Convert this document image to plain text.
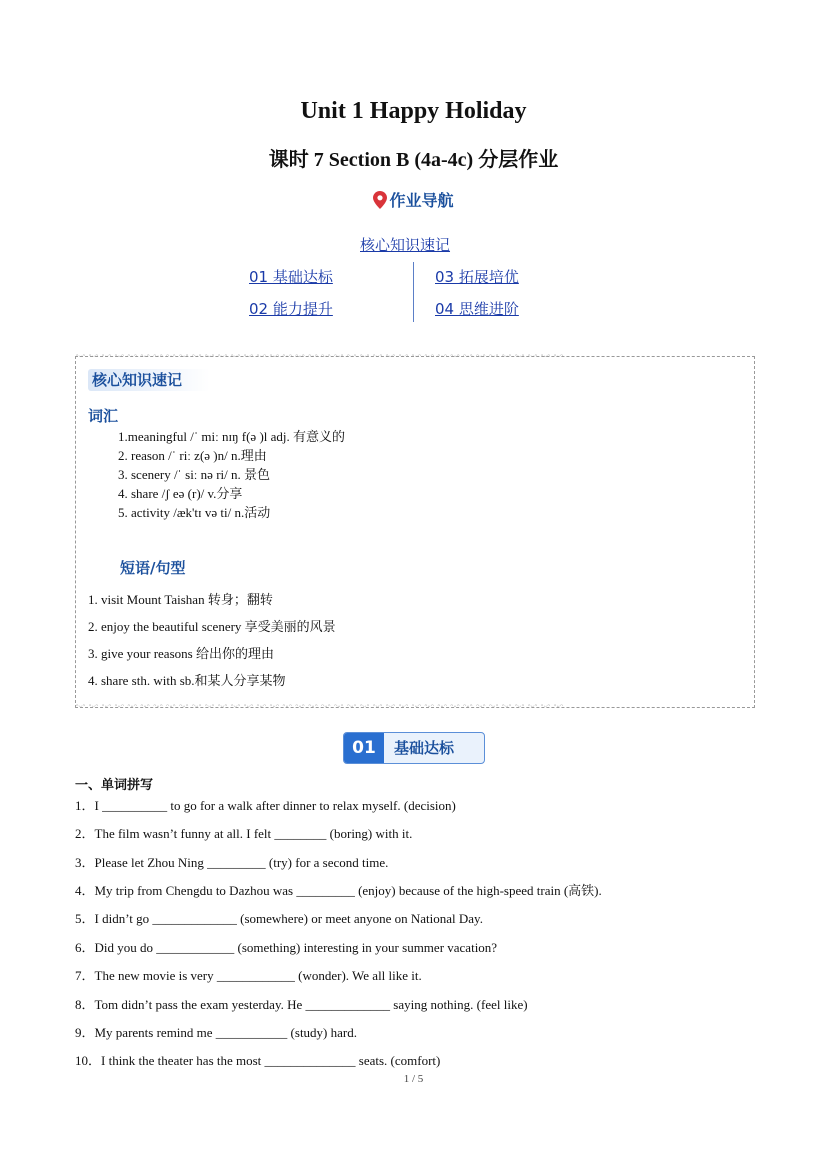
Unit 1 Happy Holiday
课时 7 Section B (4a-4c) 分层作业
作业导航
核心知识速记
01 基础达标
02 能力提升
03 拓展培优
04 思维进阶
ᵔᵕᵔ ᵔᵕᵔ ᵔᵕᵔ ᵔᵕᵔ ᵔᵕᵔ ᵔᵕᵔ ᵔᵕᵔ ᵔᵕᵔ ᵔᵕᵔ ᵔᵕᵔ ᵔᵕᵔ ᵔᵕᵔ ᵔᵕᵔ ᵔᵕᵔ ᵔᵕᵔ ᵔᵕᵔ ᵔᵕᵔ ᵔᵕᵔ ᵔᵕᵔ ᵔᵕᵔ ᵔᵕᵔ ᵔᵕᵔ ᵔᵕᵔ ᵔᵕᵔ ᵔᵕᵔ ᵔᵕᵔ ᵔᵕᵔ ᵔᵕᵔ ᵔᵕᵔ ᵔᵕᵔ ᵔᵕᵔ ᵔᵕᵔ ᵔᵕᵔ ᵔᵕᵔ ᵔᵕᵔ ᵔᵕᵔ ᵔᵕᵔ ᵔᵕᵔ
ᵔᵕᵔ ᵔᵕᵔ ᵔᵕᵔ ᵔᵕᵔ ᵔᵕᵔ ᵔᵕᵔ ᵔᵕᵔ ᵔᵕᵔ ᵔᵕᵔ ᵔᵕᵔ ᵔᵕᵔ ᵔᵕᵔ ᵔᵕᵔ ᵔᵕᵔ ᵔᵕᵔ ᵔᵕᵔ ᵔᵕᵔ ᵔᵕᵔ ᵔᵕᵔ ᵔᵕᵔ ᵔᵕᵔ ᵔᵕᵔ ᵔᵕᵔ ᵔᵕᵔ ᵔᵕᵔ ᵔᵕᵔ ᵔᵕᵔ ᵔᵕᵔ ᵔᵕᵔ ᵔᵕᵔ ᵔᵕᵔ ᵔᵕᵔ ᵔᵕᵔ ᵔᵕᵔ ᵔᵕᵔ ᵔᵕᵔ ᵔᵕᵔ ᵔᵕᵔ
核心知识速记
词汇
1.meaningful /ˈ miː nɪŋ f(ə )l adj. 有意义的
2. reason /ˈ riː z(ə )n/ n.理由
3. scenery /ˈ siː nə ri/ n. 景色
4. share /ʃ eə (r)/ v.分享
5. activity /æk'tɪ və ti/ n.活动
短语/句型
1. visit Mount Taishan 转身；翻转
2. enjoy the beautiful scenery 享受美丽的风景
3. give your reasons 给出你的理由
4. share sth. with sb.和某人分享某物
01	基础达标
一、单词拼写
1．I __________ to go for a walk after dinner to relax myself. (decision)
2．The film wasn’t funny at all. I felt ________ (boring) with it.
3．Please let Zhou Ning _________ (try) for a second time.
4．My trip from Chengdu to Dazhou was _________ (enjoy) because of the high-speed train (高铁).
5．I didn’t go _____________ (somewhere) or meet anyone on National Day.
6．Did you do ____________ (something) interesting in your summer vacation?
7．The new movie is very ____________ (wonder). We all like it.
8．Tom didn’t pass the exam yesterday. He _____________ saying nothing. (feel like)
9．My parents remind me ___________ (study) hard.
10．I think the theater has the most ______________ seats. (comfort)
1 / 5
